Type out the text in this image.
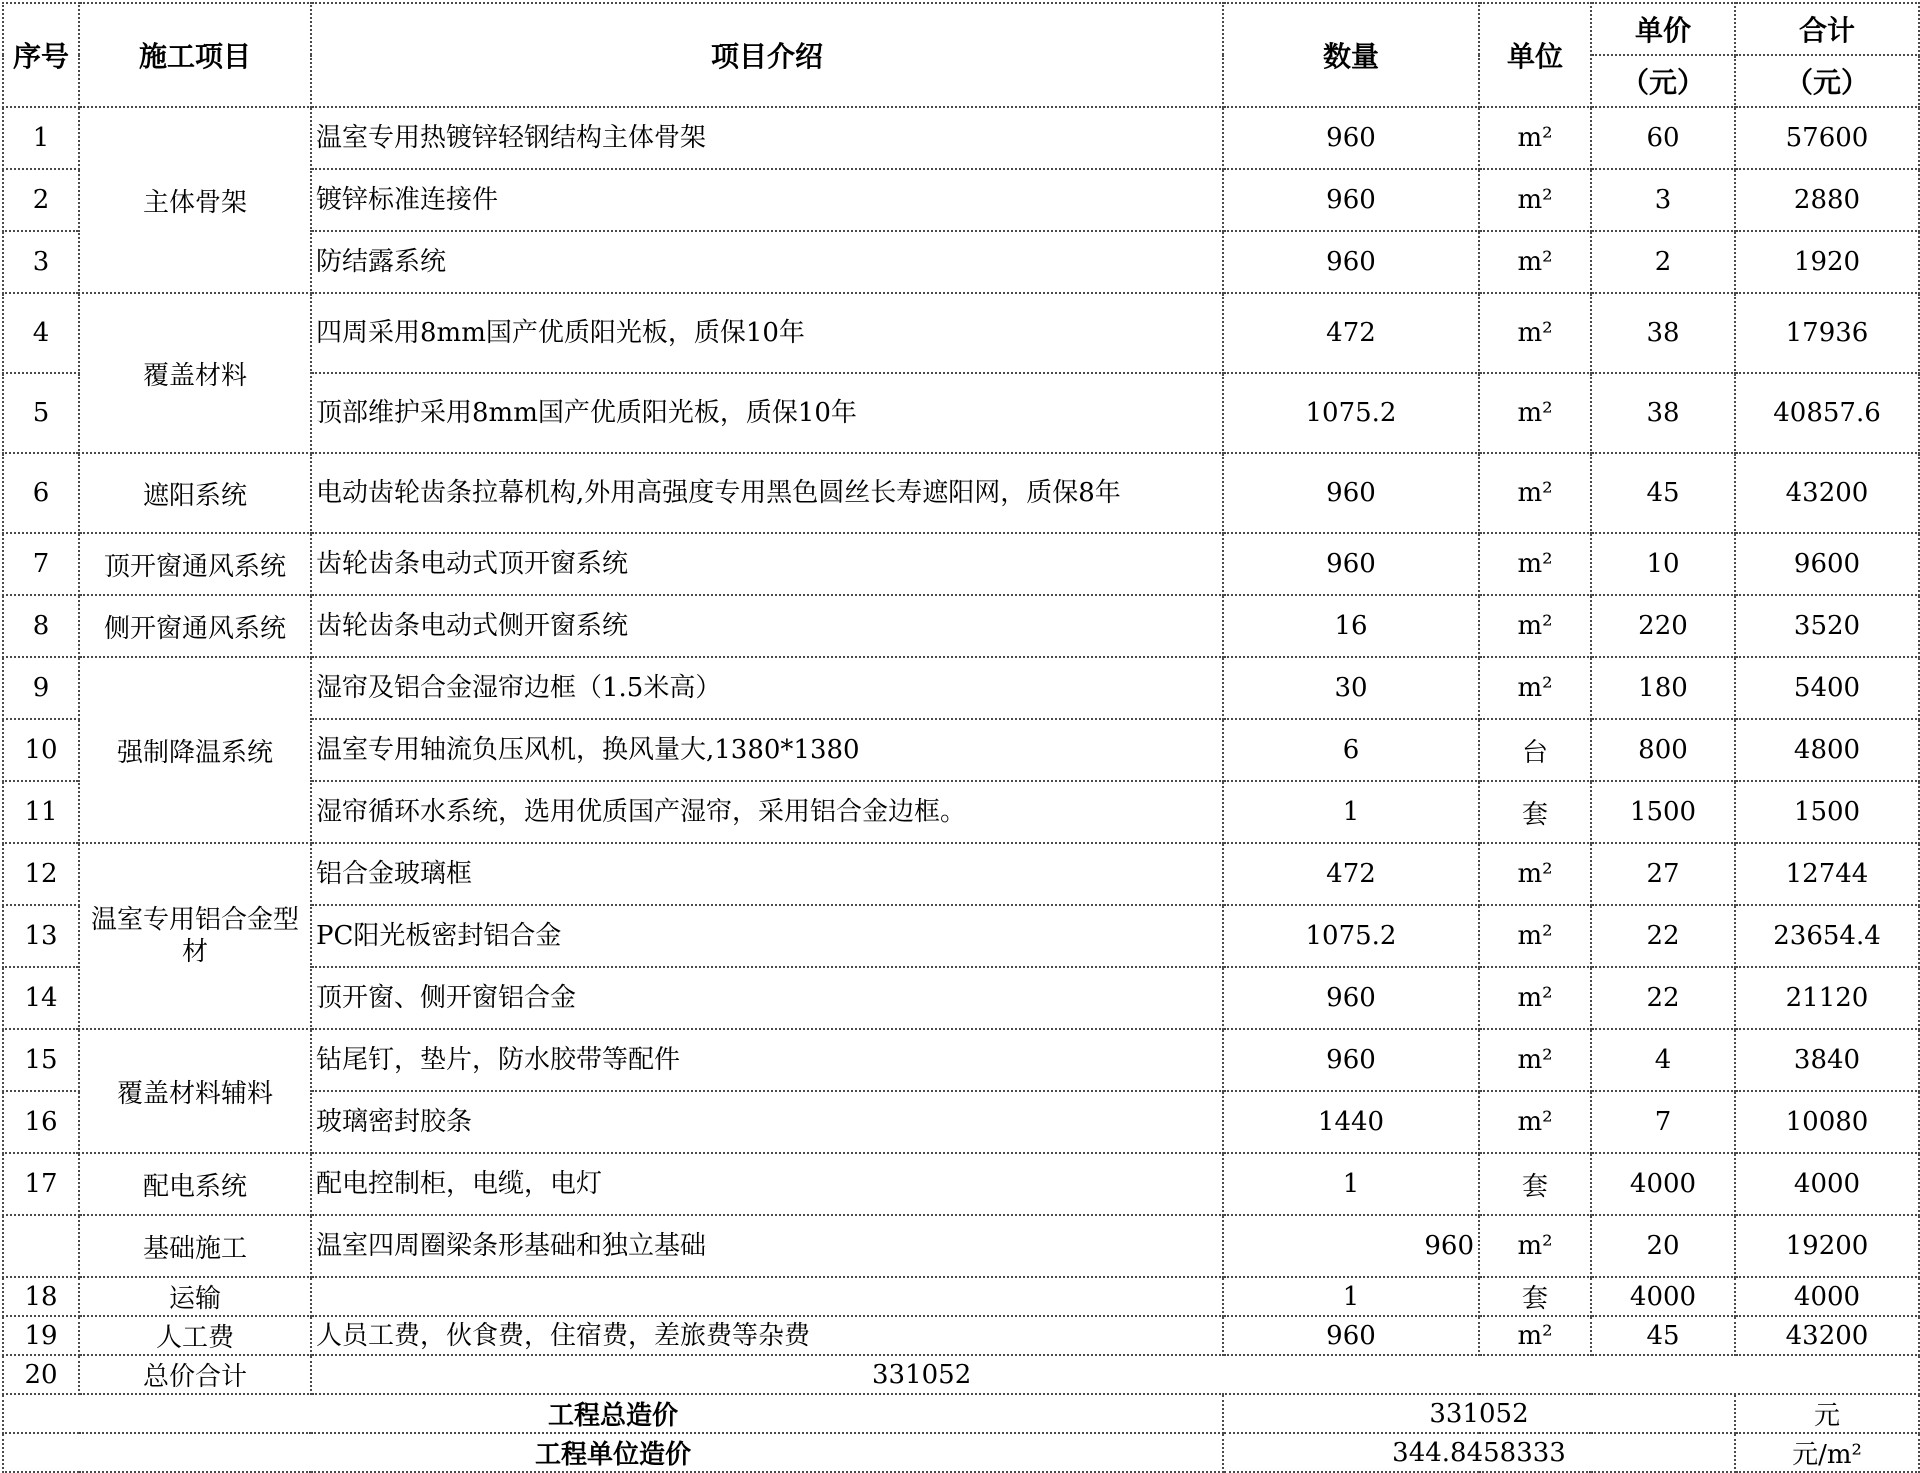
序号	施工项目	项目介绍	数量	单位	单价	合计
					（元）	（元）
1	主体骨架	温室专用热镀锌轻钢结构主体骨架	960	m²	60	57600
2		镀锌标准连接件	960	m²	3	2880
3		防结露系统	960	m²	2	1920
4	覆盖材料	四周采用8mm国产优质阳光板，质保10年	472	m²	38	17936
5		顶部维护采用8mm国产优质阳光板，质保10年	1075.2	m²	38	40857.6
6	遮阳系统	电动齿轮齿条拉幕机构,外用高强度专用黑色圆丝长寿遮阳网，质保8年	960	m²	45	43200
7	顶开窗通风系统	齿轮齿条电动式顶开窗系统	960	m²	10	9600
8	侧开窗通风系统	齿轮齿条电动式侧开窗系统	16	m²	220	3520
9	强制降温系统	湿帘及铝合金湿帘边框（1.5米高）	30	m²	180	5400
10		温室专用轴流负压风机，换风量大,1380*1380	6	台	800	4800
11		湿帘循环水系统，选用优质国产湿帘，采用铝合金边框。	1	套	1500	1500
12	温室专用铝合金型材	铝合金玻璃框	472	m²	27	12744
13		PC阳光板密封铝合金	1075.2	m²	22	23654.4
14		顶开窗、侧开窗铝合金	960	m²	22	21120
15	覆盖材料辅料	钻尾钉，垫片，防水胶带等配件	960	m²	4	3840
16		玻璃密封胶条	1440	m²	7	10080
17	配电系统	配电控制柜，电缆，电灯	1	套	4000	4000
	基础施工	温室四周圈梁条形基础和独立基础	960	m²	20	19200
18	运输		1	套	4000	4000
19	人工费	人员工费，伙食费，住宿费，差旅费等杂费	960	m²	45	43200
20	总价合计	331052				
工程总造价			331052			元
工程单位造价			344.8458333			元/m²
